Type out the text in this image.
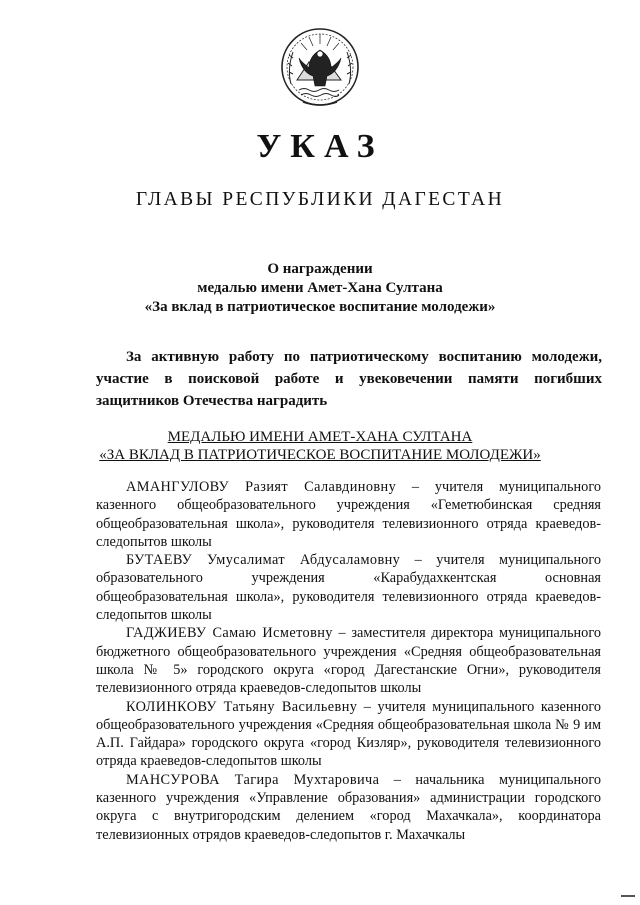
УКАЗ
ГЛАВЫ РЕСПУБЛИКИ ДАГЕСТАН
О награждении
медалью имени Амет-Хана Султана
«За вклад в патриотическое воспитание молодежи»
За активную работу по патриотическому воспитанию молодежи, участие в поисковой работе и увековечении памяти погибших защитников Отечества наградить
МЕДАЛЬЮ ИМЕНИ АМЕТ-ХАНА СУЛТАНА
«ЗА ВКЛАД В ПАТРИОТИЧЕСКОЕ ВОСПИТАНИЕ МОЛОДЕЖИ»

АМАНГУЛОВУ Разият Салавдиновну – учителя муниципального казенного общеобразовательного учреждения «Геметюбинская средняя общеобразовательная школа», руководителя телевизионного отряда краеведов-следопытов школы

БУТАЕВУ Умусалимат Абдусаламовну – учителя муниципального образовательного учреждения «Карабудахкентская основная общеобразовательная школа», руководителя телевизионного отряда краеведов-следопытов школы

ГАДЖИЕВУ Самаю Исметовну – заместителя директора муниципального бюджетного общеобразовательного учреждения «Средняя общеобразовательная школа № 5» городского округа «город Дагестанские Огни», руководителя телевизионного отряда краеведов-следопытов школы

КОЛИНКОВУ Татьяну Васильевну – учителя муниципального казенного общеобразовательного учреждения «Средняя общеобразовательная школа № 9 им А.П. Гайдара» городского округа «город Кизляр», руководителя телевизионного отряда краеведов-следопытов школы

МАНСУРОВА Тагира Мухтаровича – начальника муниципального казенного учреждения «Управление образования» администрации городского округа с внутригородским делением «город Махачкала», координатора телевизионных отрядов краеведов-следопытов г. Махачкалы
